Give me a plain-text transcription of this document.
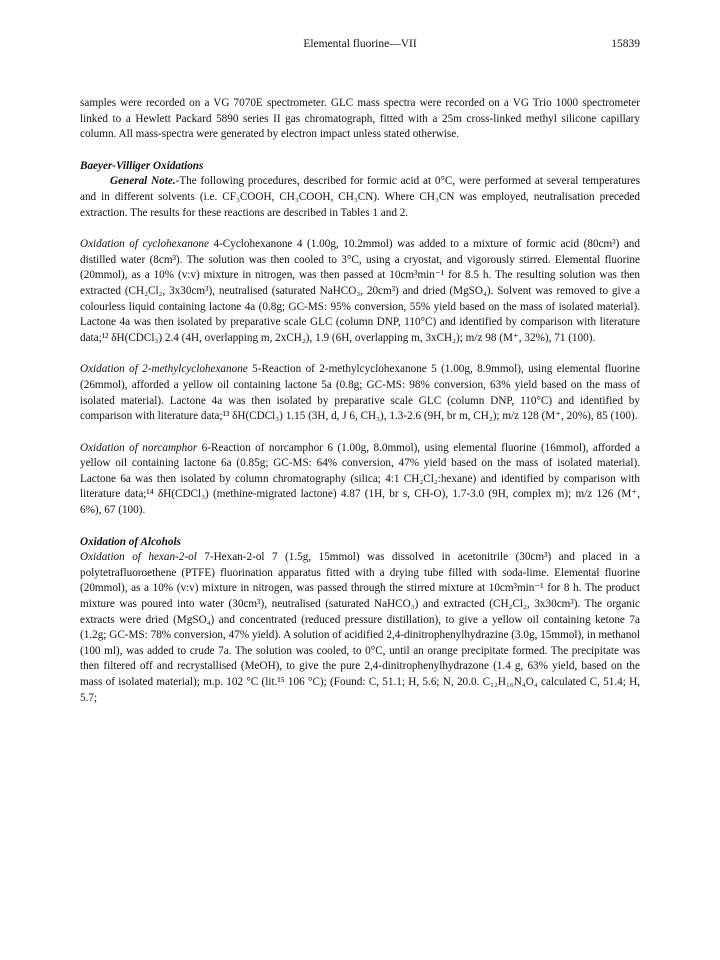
Elemental fluorine—VII	15839

samples were recorded on a VG 7070E spectrometer. GLC mass spectra were recorded on a VG Trio 1000 spectrometer linked to a Hewlett Packard 5890 series II gas chromatograph, fitted with a 25m cross-linked methyl silicone capillary column. All mass-spectra were generated by electron impact unless stated otherwise.

Baeyer-Villiger Oxidations

General Note.-The following procedures, described for formic acid at 0°C, were performed at several temperatures and in different solvents (i.e. CF₃COOH, CH₃COOH, CH₃CN). Where CH₃CN was employed, neutralisation preceded extraction. The results for these reactions are described in Tables 1 and 2.

Oxidation of cyclohexanone 4-Cyclohexanone 4 (1.00g, 10.2mmol) was added to a mixture of formic acid (80cm³) and distilled water (8cm³). The solution was then cooled to 3°C, using a cryostat, and vigorously stirred. Elemental fluorine (20mmol), as a 10% (v:v) mixture in nitrogen, was then passed at 10cm³min⁻¹ for 8.5 h. The resulting solution was then extracted (CH₂Cl₂, 3x30cm³), neutralised (saturated NaHCO₃, 20cm³) and dried (MgSO₄). Solvent was removed to give a colourless liquid containing lactone 4a (0.8g; GC-MS: 95% conversion, 55% yield based on the mass of isolated material). Lactone 4a was then isolated by preparative scale GLC (column DNP, 110°C) and identified by comparison with literature data;¹² δH(CDCl₃) 2.4 (4H, overlapping m, 2xCH₂), 1.9 (6H, overlapping m, 3xCH₂); m/z 98 (M⁺, 32%), 71 (100).

Oxidation of 2-methylcyclohexanone 5-Reaction of 2-methylcyclohexanone 5 (1.00g, 8.9mmol), using elemental fluorine (26mmol), afforded a yellow oil containing lactone 5a (0.8g; GC-MS: 98% conversion, 63% yield based on the mass of isolated material). Lactone 4a was then isolated by preparative scale GLC (column DNP, 110°C) and identified by comparison with literature data;¹³ δH(CDCl₃) 1.15 (3H, d, J 6, CH₃), 1.3-2.6 (9H, br m, CH₂); m/z 128 (M⁺, 20%), 85 (100).

Oxidation of norcamphor 6-Reaction of norcamphor 6 (1.00g, 8.0mmol), using elemental fluorine (16mmol), afforded a yellow oil containing lactone 6a (0.85g; GC-MS: 64% conversion, 47% yield based on the mass of isolated material). Lactone 6a was then isolated by column chromatography (silica; 4:1 CH₂Cl₂:hexane) and identified by comparison with literature data;¹⁴ δH(CDCl₃) (methine-migrated lactone) 4.87 (1H, br s, CH-O), 1.7-3.0 (9H, complex m); m/z 126 (M⁺, 6%), 67 (100).

Oxidation of Alcohols

Oxidation of hexan-2-ol 7-Hexan-2-ol 7 (1.5g, 15mmol) was dissolved in acetonitrile (30cm³) and placed in a polytetrafluoroethene (PTFE) fluorination apparatus fitted with a drying tube filled with soda-lime. Elemental fluorine (20mmol), as a 10% (v:v) mixture in nitrogen, was passed through the stirred mixture at 10cm³min⁻¹ for 8 h. The product mixture was poured into water (30cm³), neutralised (saturated NaHCO₃) and extracted (CH₂Cl₂, 3x30cm³). The organic extracts were dried (MgSO₄) and concentrated (reduced pressure distillation), to give a yellow oil containing ketone 7a (1.2g; GC-MS: 78% conversion, 47% yield). A solution of acidified 2,4-dinitrophenylhydrazine (3.0g, 15mmol), in methanol (100 ml), was added to crude 7a. The solution was cooled, to 0°C, until an orange precipitate formed. The precipitate was then filtered off and recrystallised (MeOH), to give the pure 2,4-dinitrophenylhydrazone (1.4 g, 63% yield, based on the mass of isolated material); m.p. 102 °C (lit.¹⁵ 106 °C); (Found: C, 51.1; H, 5.6; N, 20.0. C₁₂H₁₆N₄O₄ calculated C, 51.4; H, 5.7;
